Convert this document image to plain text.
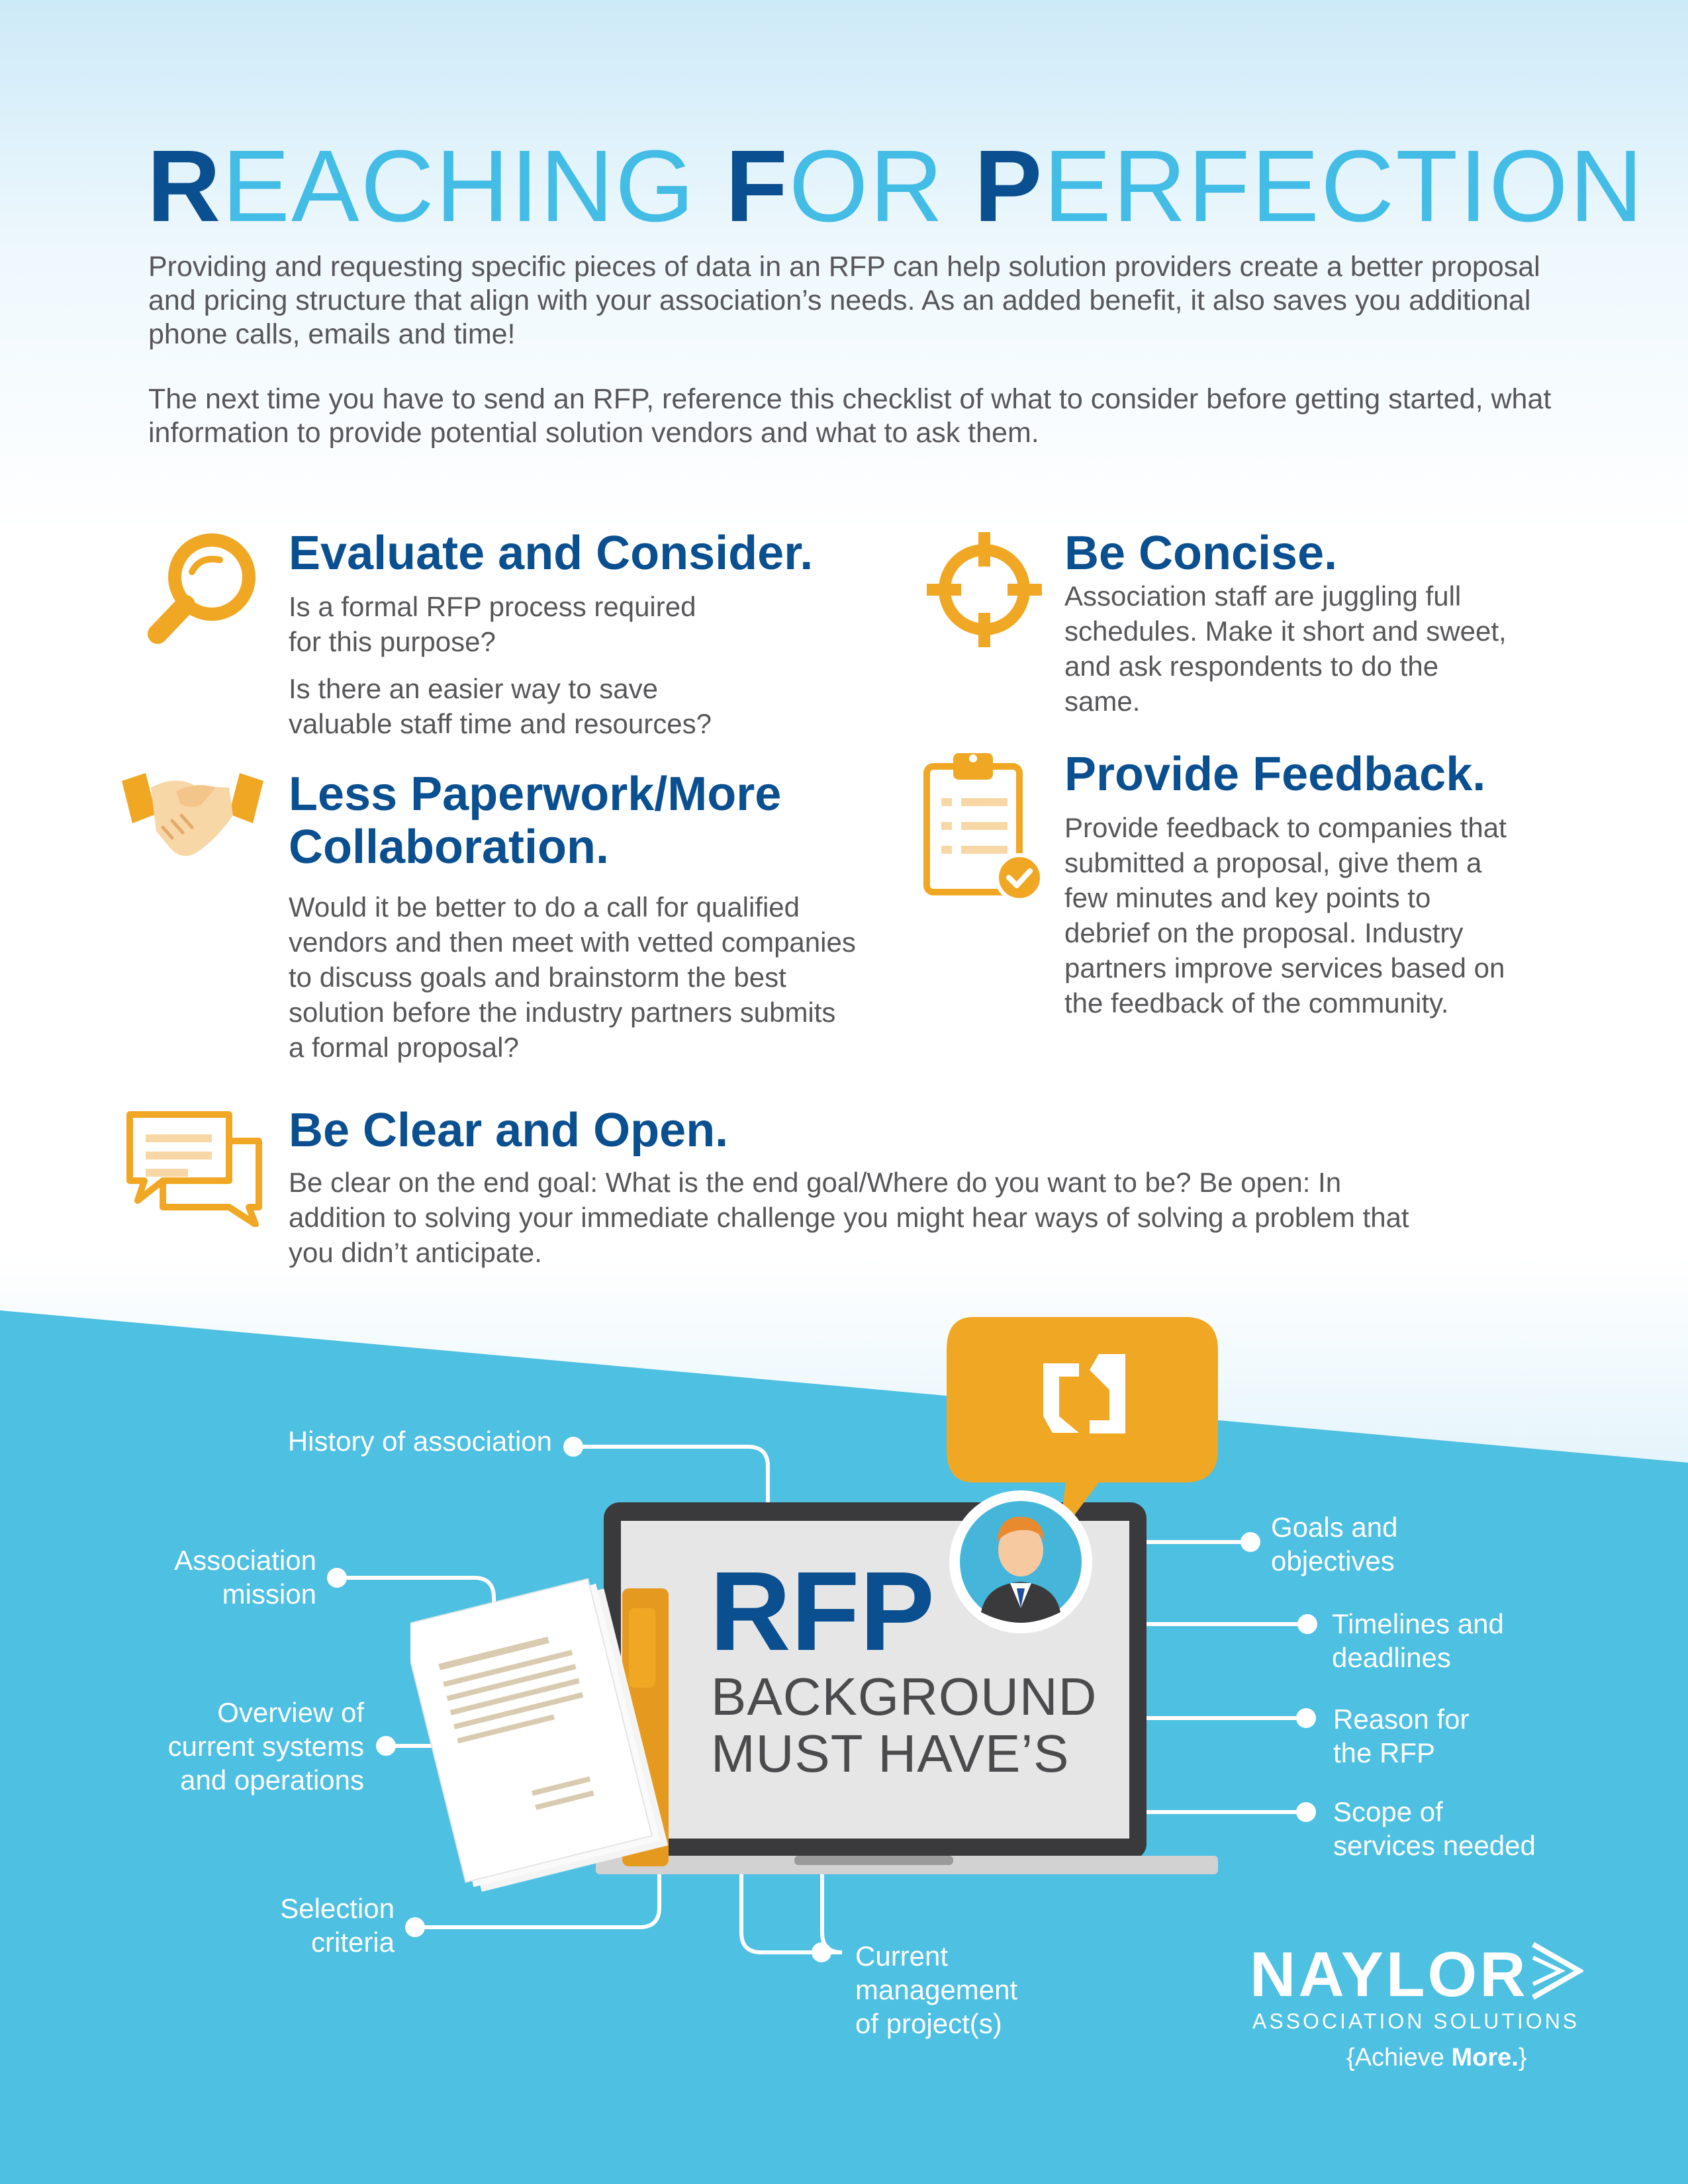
REACHING FOR PERFECTION
Providing and requesting specific pieces of data in an RFP can help solution providers create a better proposal and pricing structure that align with your association’s needs. As an added benefit, it also saves you additional phone calls, emails and time!
The next time you have to send an RFP, reference this checklist of what to consider before getting started, what information to provide potential solution vendors and what to ask them.
Evaluate and Consider.

Is a formal RFP process required for this purpose?

Is there an easier way to save valuable staff time and resources?

Be Concise.
Association staff are juggling full schedules. Make it short and sweet, and ask respondents to do the same.
Less Paperwork/More
Collaboration.
Would it be better to do a call for qualified vendors and then meet with vetted companies to discuss goals and brainstorm the best solution before the industry partners submits a formal proposal?
Provide Feedback.
Provide feedback to companies that submitted a proposal, give them a few minutes and key points to debrief on the proposal. Industry partners improve services based on the feedback of the community.
Be Clear and Open.
Be clear on the end goal: What is the end goal/Where do you want to be? Be open: In addition to solving your immediate challenge you might hear ways of solving a problem that you didn’t anticipate.
RFP
BACKGROUND
MUST HAVE’S
History of association
Association
mission
Overview of
current systems
and operations
Selection
criteria	Current
management
of project(s)
Goals and
objectives
Timelines and
deadlines
Reason for
the RFP
Scope of
services needed
NAYLOR
ASSOCIATION SOLUTIONS
{Achieve More.}
